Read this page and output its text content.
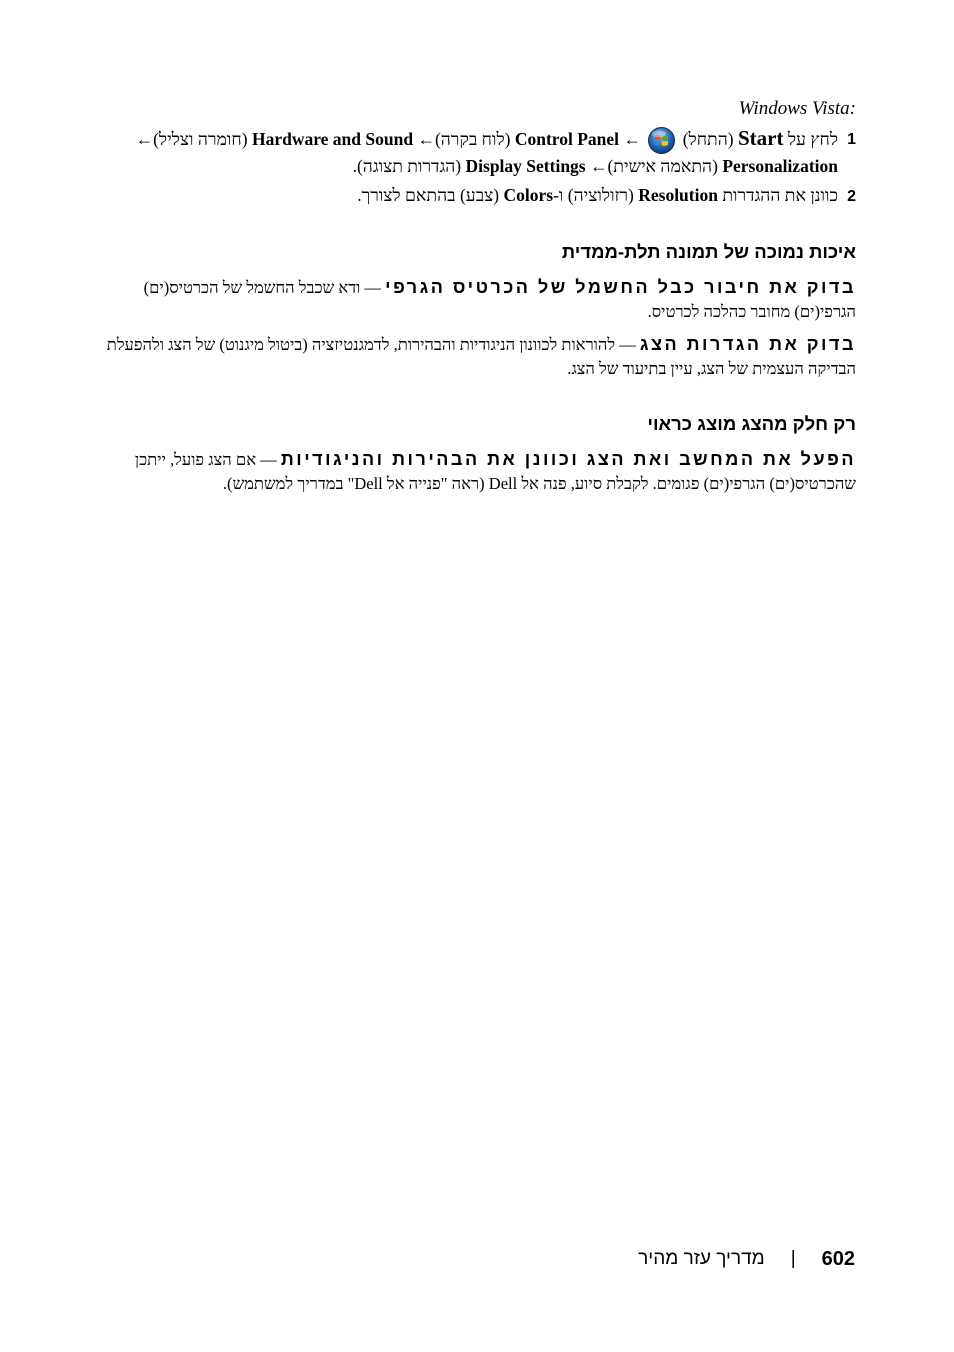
:Windows Vista
1
לחץ על Start (התחל)
← Control Panel (לוח בקרה)← Hardware and Sound (חומרה וצליל)← Personalization (התאמה אישית)← Display Settings (הגדרות תצוגה).
2
כוונן את ההגדרות Resolution (רזולוציה) ו-Colors (צבע) בהתאם לצורך.
איכות נמוכה של תמונה תלת-ממדית
בדוק את חיבור כבל החשמל של הכרטיס הגרפי — ודא שכבל החשמל של הכרטיס(ים) הגרפי(ים) מחובר כהלכה לכרטיס.
בדוק את הגדרות הצג — להוראות לכוונון הניגודיות והבהירות, לדמגנטיזציה (ביטול מיגנוט) של הצג ולהפעלת הבדיקה העצמית של הצג, עיין בתיעוד של הצג.
רק חלק מהצג מוצג כראוי
הפעל את המחשב ואת הצג וכוונן את הבהירות והניגודיות — אם הצג פועל, ייתכן שהכרטיס(ים) הגרפי(ים) פגומים. לקבלת סיוע, פנה אל Dell (ראה "פנייה אל Dell" במדריך למשתמש).
602
|
מדריך עזר מהיר
